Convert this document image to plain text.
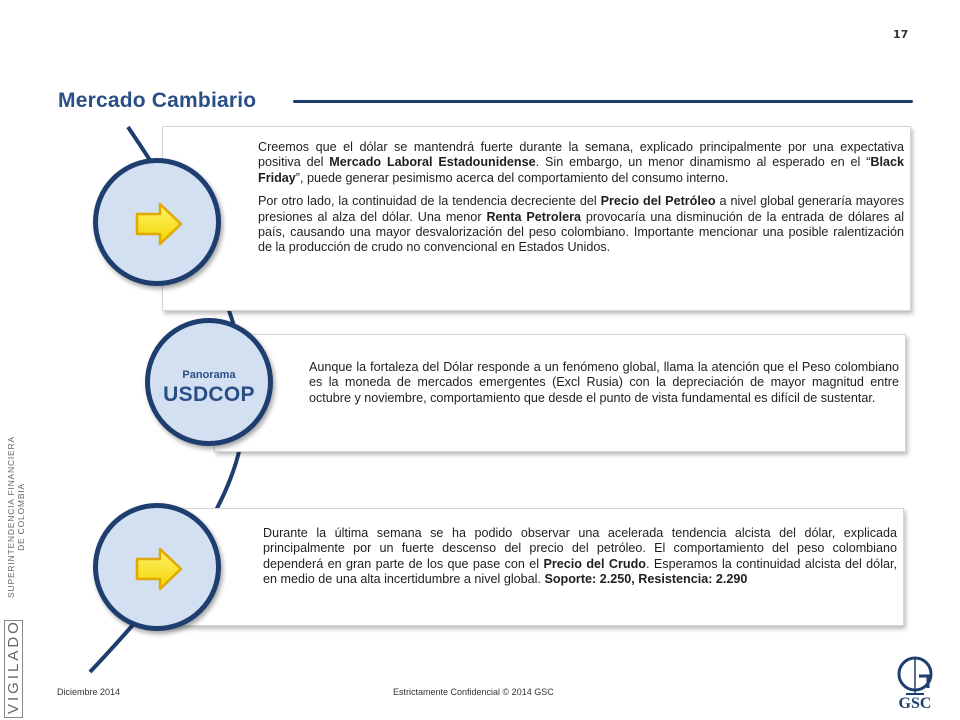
17
Mercado Cambiario

Creemos que el dólar se mantendrá fuerte durante la semana, explicado principalmente por una expectativa positiva del Mercado Laboral Estadounidense. Sin embargo, un menor dinamismo al esperado en el “Black Friday”, puede generar pesimismo acerca del comportamiento del consumo interno.

Por otro lado, la continuidad de la tendencia decreciente del Precio del Petróleo a nivel global generaría mayores presiones al alza del dólar. Una menor Renta Petrolera provocaría una disminución de la entrada de dólares al país, causando una mayor desvalorización del peso colombiano. Importante mencionar una posible ralentización de la producción de crudo no convencional en Estados Unidos.

Aunque la fortaleza del Dólar responde a un fenómeno global, llama la atención que el Peso colombiano es la moneda de mercados emergentes (Excl Rusia) con la depreciación de mayor magnitud entre octubre y noviembre, comportamiento que desde el punto de vista fundamental es difícil de sustentar.

Durante la última semana se ha podido observar una acelerada tendencia alcista del dólar, explicada principalmente por un fuerte descenso del precio del petróleo. El comportamiento del peso colombiano dependerá en gran parte de los que pase con el Precio del Crudo. Esperamos la continuidad alcista del dólar, en medio de una alta incertidumbre a nivel global. Soporte: 2.250, Resistencia: 2.290

Panorama
USDCOP
SUPERINTENDENCIA FINANCIERA
DE COLOMBIA
VIGILADO	Diciembre 2014	Estrictamente Confidencial © 2014 GSC
GSC
